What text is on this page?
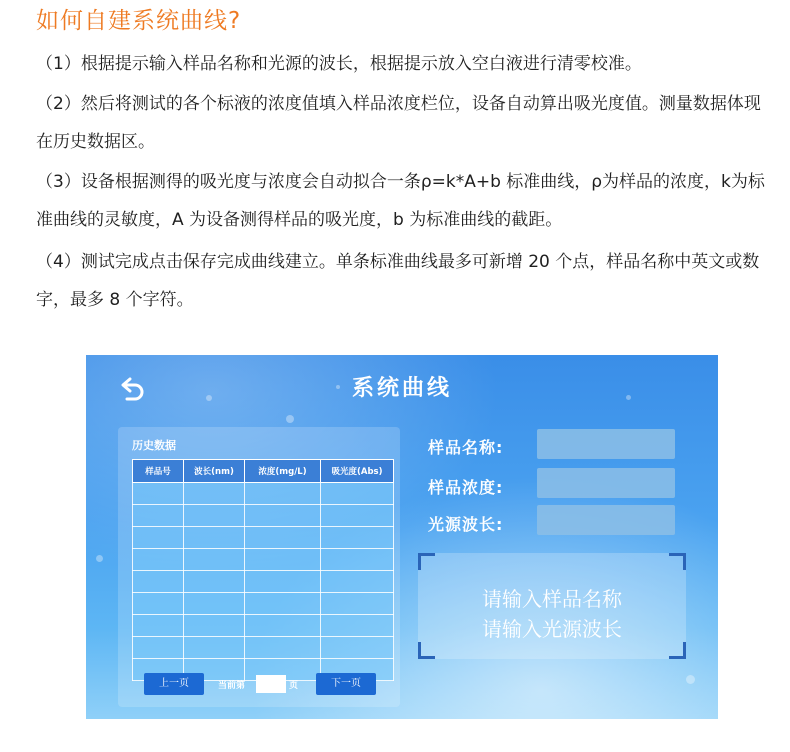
如何自建系统曲线?
（1）根据提示输入样品名称和光源的波长，根据提示放入空白液进行清零校准。
（2）然后将测试的各个标液的浓度值填入样品浓度栏位，设备自动算出吸光度值。测量数据体现在历史数据区。
（3）设备根据测得的吸光度与浓度会自动拟合一条ρ=k*A+b 标准曲线，ρ为样品的浓度，k为标准曲线的灵敏度，A 为设备测得样品的吸光度，b 为标准曲线的截距。
（4）测试完成点击保存完成曲线建立。单条标准曲线最多可新增 20 个点，样品名称中英文或数字，最多 8 个字符。
系统曲线
历史数据
样品号	波长(nm)	浓度(mg/L)	吸光度(Abs)

上一页	当前第	页	下一页
样品名称:
样品浓度:
光源波长:
请输入样品名称
请输入光源波长
